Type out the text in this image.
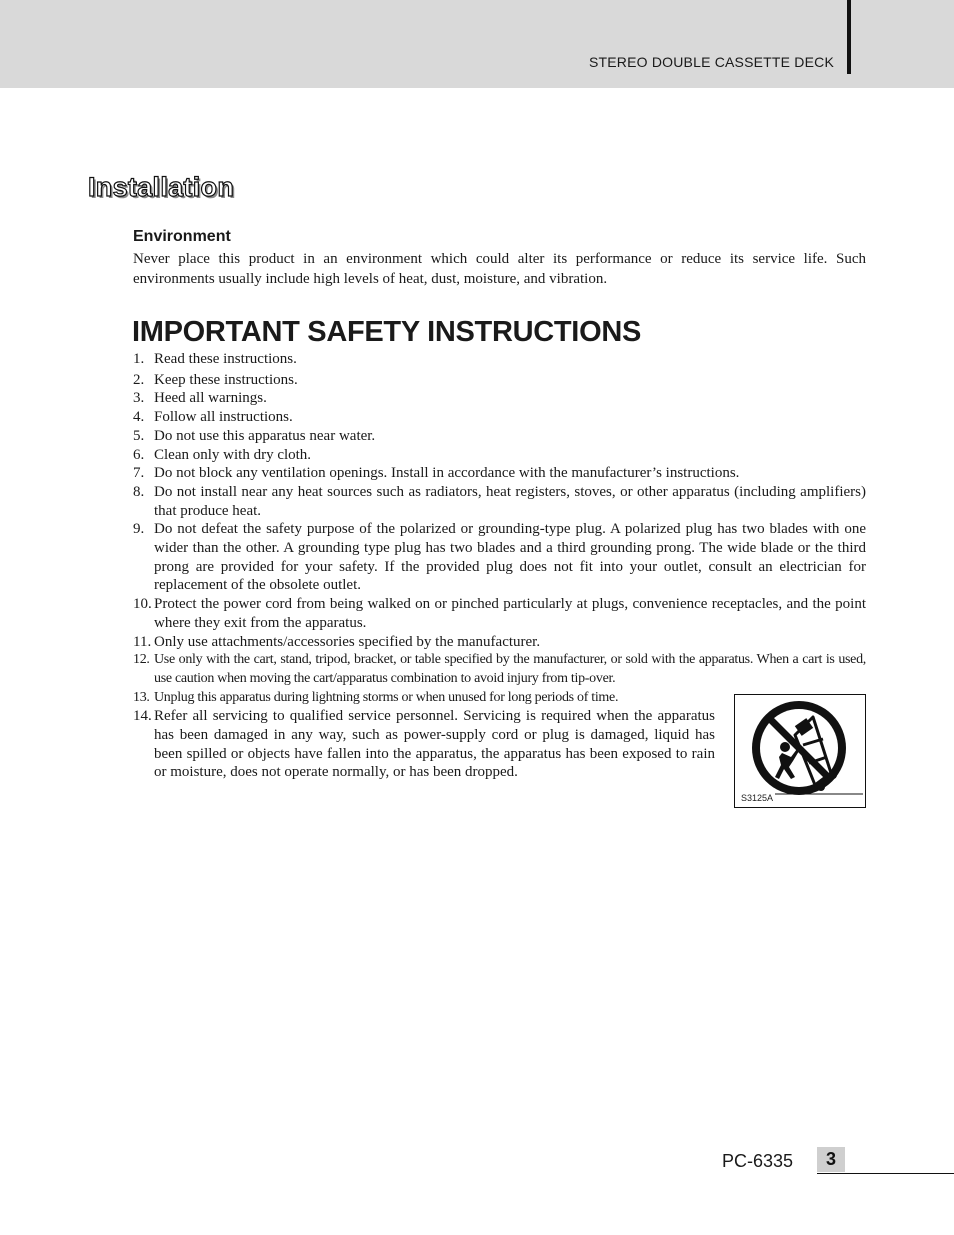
STEREO DOUBLE CASSETTE DECK
Installation
Environment

Never place this product in an environment which could alter its performance or reduce its service life. Such environments usually include high levels of heat, dust, moisture, and vibration.

IMPORTANT SAFETY INSTRUCTIONS
1. Read these instructions.
2. Keep these instructions.
3. Heed all warnings.
4. Follow all instructions.
5. Do not use this apparatus near water.
6. Clean only with dry cloth.
7. Do not block any ventilation openings. Install in accordance with the manufacturer’s instructions.
8. Do not install near any heat sources such as radiators, heat registers, stoves, or other apparatus (including amplifiers) that produce heat.
9. Do not defeat the safety purpose of the polarized or grounding-type plug. A polarized plug has two blades with one wider than the other. A grounding type plug has two blades and a third grounding prong. The wide blade or the third prong are provided for your safety. If the provided plug does not fit into your outlet, consult an electrician for replacement of the obsolete outlet.
10. Protect the power cord from being walked on or pinched particularly at plugs, convenience receptacles, and the point where they exit from the apparatus.
11. Only use attachments/accessories specified by the manufacturer.
12. Use only with the cart, stand, tripod, bracket, or table specified by the manufacturer, or sold with the apparatus. When a cart is used, use caution when moving the cart/apparatus combination to avoid injury from tip-over.
13. Unplug this apparatus during lightning storms or when unused for long periods of time.
14. Refer all servicing to qualified service personnel. Servicing is required when the apparatus has been damaged in any way, such as power-supply cord or plug is damaged, liquid has been spilled or objects have fallen into the apparatus, the apparatus has been exposed to rain or moisture, does not operate normally, or has been dropped.
S3125A
PC-6335	3
